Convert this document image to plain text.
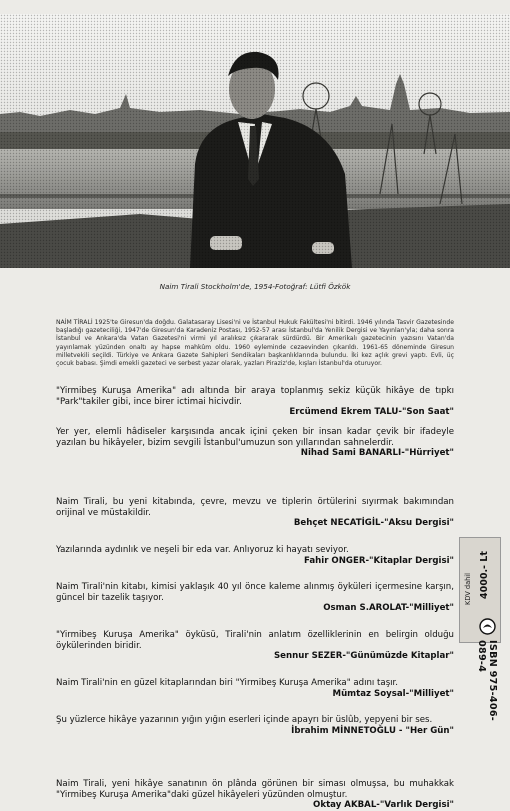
Naim Tirali Stockholm'de, 1954-Fotoğraf: Lütfi Özkök
NAİM TİRALİ 1925'te Giresun'da doğdu. Galatasaray Lisesi'ni ve İstanbul Hukuk Fakültesi'ni bitirdi. 1946 yılında Tasvir Gazetesinde başladığı gazeteciliği, 1947'de Giresun'da Karadeniz Postası, 1952-57 arası İstanbul'da Yenilik Dergisi ve Yayınları'yla; daha sonra İstanbul ve Ankara'da Vatan Gazetesi'ni virmi yıl aralıksız çıkararak sürdürdü. Bir Amerikalı gazetecinin yazısını Vatan'da yayınlamak yüzünden onaltı ay hapse mahkûm oldu. 1960 eyleminde cezaevinden çıkarıldı. 1961-65 döneminde Giresun milletvekili seçildi. Türkiye ve Ankara Gazete Sahipleri Sendikaları başkanlıklarında bulundu. İki kez açlık grevi yaptı. Evli, üç çocuk babası. Şimdi emekli gazeteci ve serbest yazar olarak, yazları Piraziz'de, kışları İstanbul'da oturuyor.
"Yirmibeş Kuruşa Amerika" adı altında bir araya toplanmış sekiz küçük hikâye de tıpkı "Park"takiler gibi, ince birer ictimai hicivdir.
Ercümend Ekrem TALU-"Son Saat"
Yer yer, elemli hâdiseler karşısında ancak içini çeken bir insan kadar çevik bir ifadeyle yazılan bu hikâyeler, bizim sevgili İstanbul'umuzun son yıllarından sahnelerdir.
Nihad Sami BANARLI-"Hürriyet"
Naim Tirali, bu yeni kitabında, çevre, mevzu ve tiplerin örtülerini sıyırmak bakımından orijinal ve müstakildir.
Behçet NECATİGİL-"Aksu Dergisi"
Yazılarında aydınlık ve neşeli bir eda var. Anlıyoruz ki hayatı seviyor.
Fahir ONGER-"Kitaplar Dergisi"
Naim Tirali'nin kitabı, kimisi yaklaşık 40 yıl önce kaleme alınmış öyküleri içermesine karşın, güncel bir tazelik taşıyor.
Osman S.AROLAT-"Milliyet"
"Yirmibeş Kuruşa Amerika" öyküsü, Tirali'nin anlatım özelliklerinin en belirgin olduğu öykülerinden biridir.
Sennur SEZER-"Günümüzde Kitaplar"
Naim Tirali'nin en güzel kitaplarından biri "Yirmibeş Kuruşa Amerika" adını taşır.
Mümtaz Soysal-"Milliyet"
Şu yüzlerce hikâye yazarının yığın yığın eserleri içinde apayrı bir üslûb, yepyeni bir ses.
İbrahim MİNNETOĞLU - "Her Gün"
Naim Tirali, yeni hikâye sanatının ön plânda görünen bir siması olmuşsa, bu muhakkak "Yirmibeş Kuruşa Amerika"daki güzel hikâyeleri yüzünden olmuştur.
Oktay AKBAL-"Varlık Dergisi"
KDV dahil 4000.- Lt
ISBN 975-406-089-4
